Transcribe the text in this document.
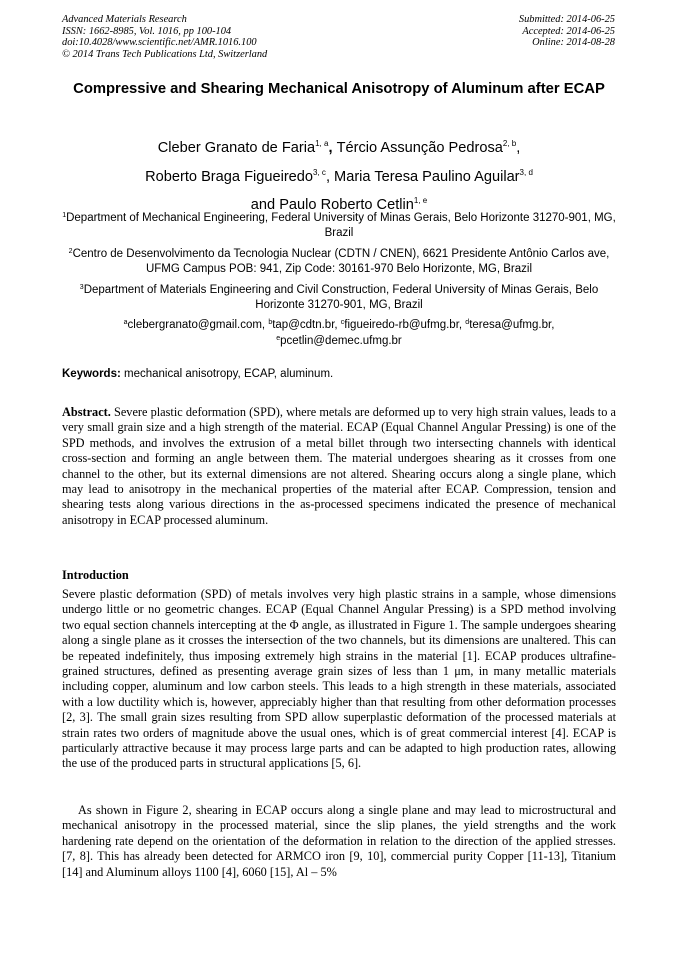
Advanced Materials Research
ISSN: 1662-8985, Vol. 1016, pp 100-104
doi:10.4028/www.scientific.net/AMR.1016.100
© 2014 Trans Tech Publications Ltd, Switzerland
Submitted: 2014-06-25
Accepted: 2014-06-25
Online: 2014-08-28
Compressive and Shearing Mechanical Anisotropy of Aluminum after ECAP
Cleber Granato de Faria$^{1, a}$, Tércio Assunção Pedrosa$^{2, b}$,
Roberto Braga Figueiredo$^{3, c}$, Maria Teresa Paulino Aguilar$^{3, d}$
and Paulo Roberto Cetlin$^{1, e}$
$^1$Department of Mechanical Engineering, Federal University of Minas Gerais, Belo Horizonte 31270-901, MG, Brazil
$^2$Centro de Desenvolvimento da Tecnologia Nuclear (CDTN / CNEN), 6621 Presidente Antônio Carlos ave, UFMG Campus POB: 941, Zip Code: 30161-970 Belo Horizonte, MG, Brazil
$^3$Department of Materials Engineering and Civil Construction, Federal University of Minas Gerais, Belo Horizonte 31270-901, MG, Brazil
$^a$clebergranato@gmail.com, $^b$tap@cdtn.br, $^c$figueiredo-rb@ufmg.br, $^d$teresa@ufmg.br,
$^e$pcetlin@demec.ufmg.br
Keywords: mechanical anisotropy, ECAP, aluminum.
Abstract. Severe plastic deformation (SPD), where metals are deformed up to very high strain values, leads to a very small grain size and a high strength of the material. ECAP (Equal Channel Angular Pressing) is one of the SPD methods, and involves the extrusion of a metal billet through two intersecting channels with identical cross-section and forming an angle between them. The material undergoes shearing as it crosses from one channel to the other, but its external dimensions are not altered. Shearing occurs along a single plane, which may lead to anisotropy in the mechanical properties of the material after ECAP. Compression, tension and shearing tests along various directions in the as-processed specimens indicated the presence of mechanical anisotropy in ECAP processed aluminum.
Introduction

Severe plastic deformation (SPD) of metals involves very high plastic strains in a sample, whose dimensions undergo little or no geometric changes. ECAP (Equal Channel Angular Pressing) is a SPD method involving two equal section channels intercepting at the Φ angle, as illustrated in Figure 1. The sample undergoes shearing along a single plane as it crosses the intersection of the two channels, but its dimensions are unaltered. This can be repeated indefinitely, thus imposing extremely high strains in the material [1]. ECAP produces ultrafine-grained structures, defined as presenting average grain sizes of less than 1 μm, in many metallic materials including copper, aluminum and low carbon steels. This leads to a high strength in these materials, associated with a low ductility which is, however, appreciably higher than that resulting from other deformation processes [2, 3]. The small grain sizes resulting from SPD allow superplastic deformation of the processed materials at strain rates two orders of magnitude above the usual ones, which is of great commercial interest [4]. ECAP is particularly attractive because it may process large parts and can be adapted to high production rates, allowing the use of the produced parts in structural applications [5, 6].

As shown in Figure 2, shearing in ECAP occurs along a single plane and may lead to microstructural and mechanical anisotropy in the processed material, since the slip planes, the yield strengths and the work hardening rate depend on the orientation of the deformation in relation to the direction of the applied stresses. [7, 8]. This has already been detected for ARMCO iron [9, 10], commercial purity Copper [11-13], Titanium [14] and Aluminum alloys 1100 [4], 6060 [15], Al – 5%
